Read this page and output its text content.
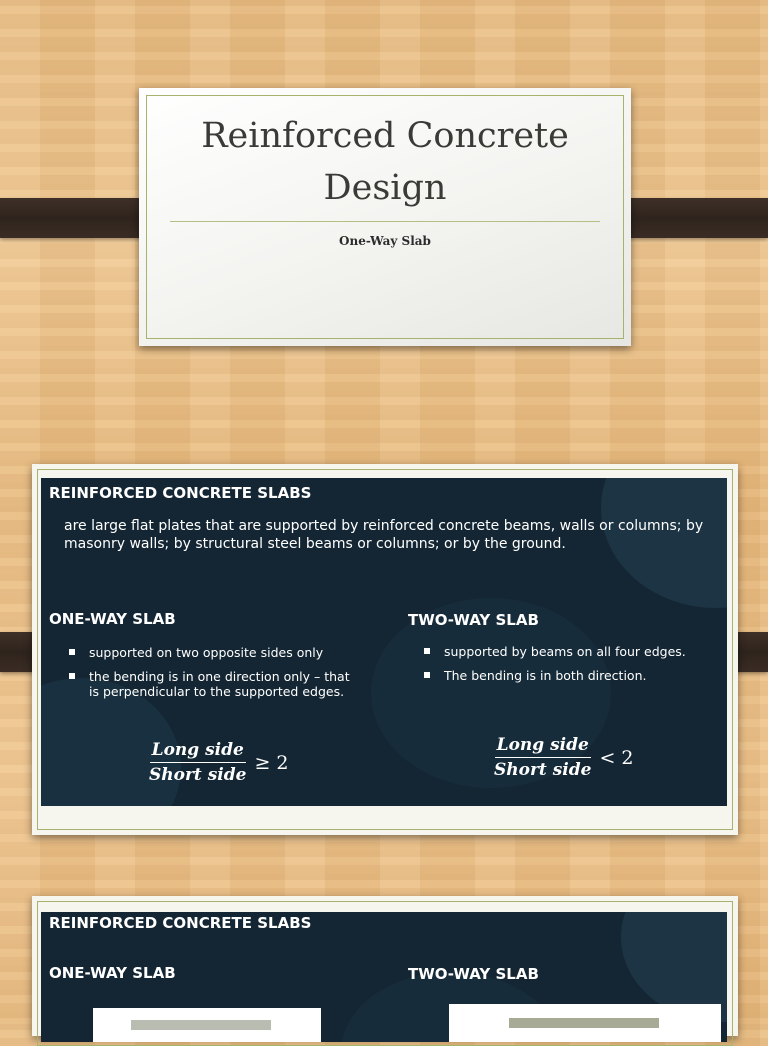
Reinforced Concrete
Design
One-Way Slab
REINFORCED CONCRETE SLABS
are large flat plates that are supported by reinforced concrete beams, walls or columns; by masonry walls; by structural steel beams or columns; or by the ground.
ONE-WAY SLAB
supported on two opposite sides only
the bending is in one direction only – that is perpendicular to the supported edges.
$\frac{\text{Long side}}{\text{Short side}} \ge 2$
TWO-WAY SLAB
supported by beams on all four edges.
The bending is in both direction.
$\frac{\text{Long side}}{\text{Short side}} < 2$
REINFORCED CONCRETE SLABS
ONE-WAY SLAB	TWO-WAY SLAB
